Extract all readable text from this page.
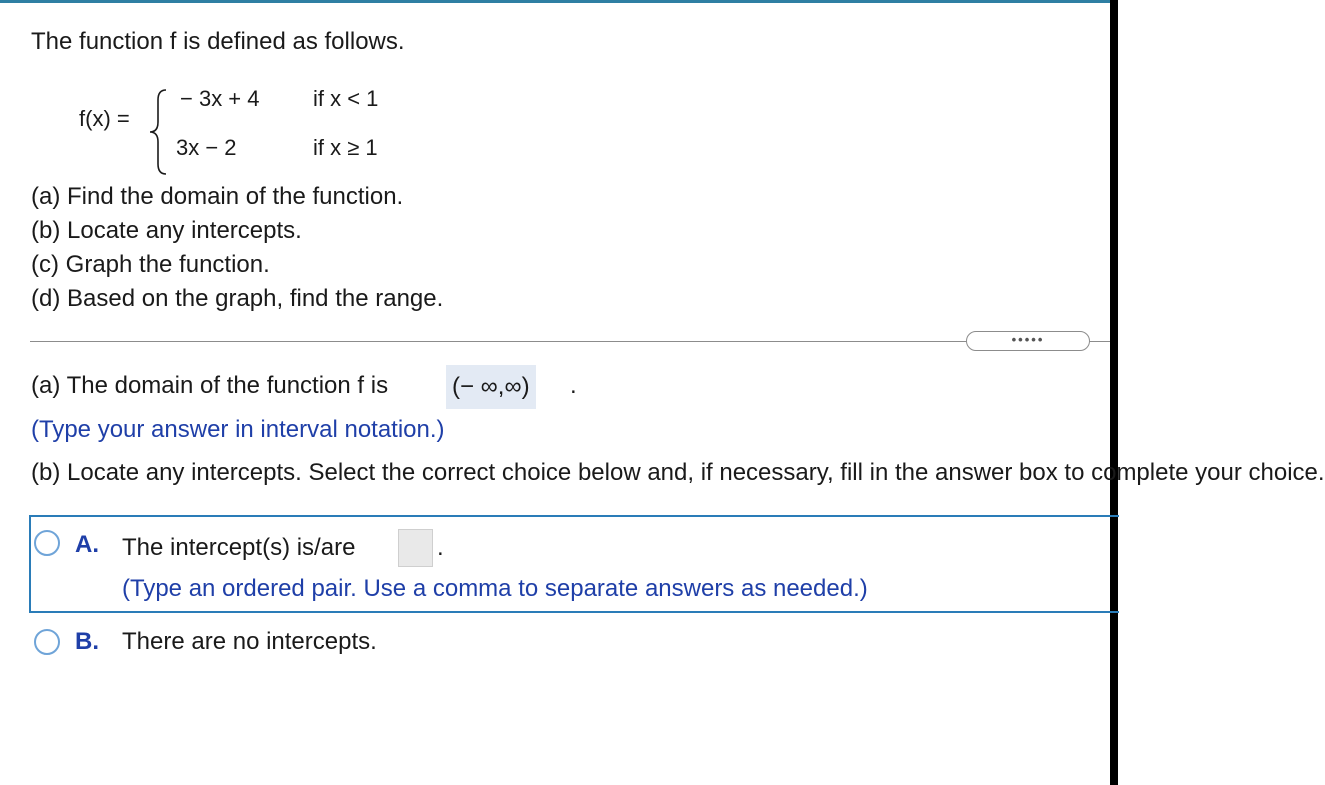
The function f is defined as follows.
f(x) =
− 3x + 4 if x < 1
3x − 2	if x ≥ 1
(a) Find the domain of the function.
(b) Locate any intercepts.
(c) Graph the function.
(d) Based on the graph, find the range.
•••••
(a) The domain of the function f is	(− ∞,∞) .
(Type your answer in interval notation.)
(b) Locate any intercepts. Select the correct choice below and, if necessary, fill in the answer box to complete your choice.
A. The intercept(s) is/are	.
(Type an ordered pair. Use a comma to separate answers as needed.)
B. There are no intercepts.
